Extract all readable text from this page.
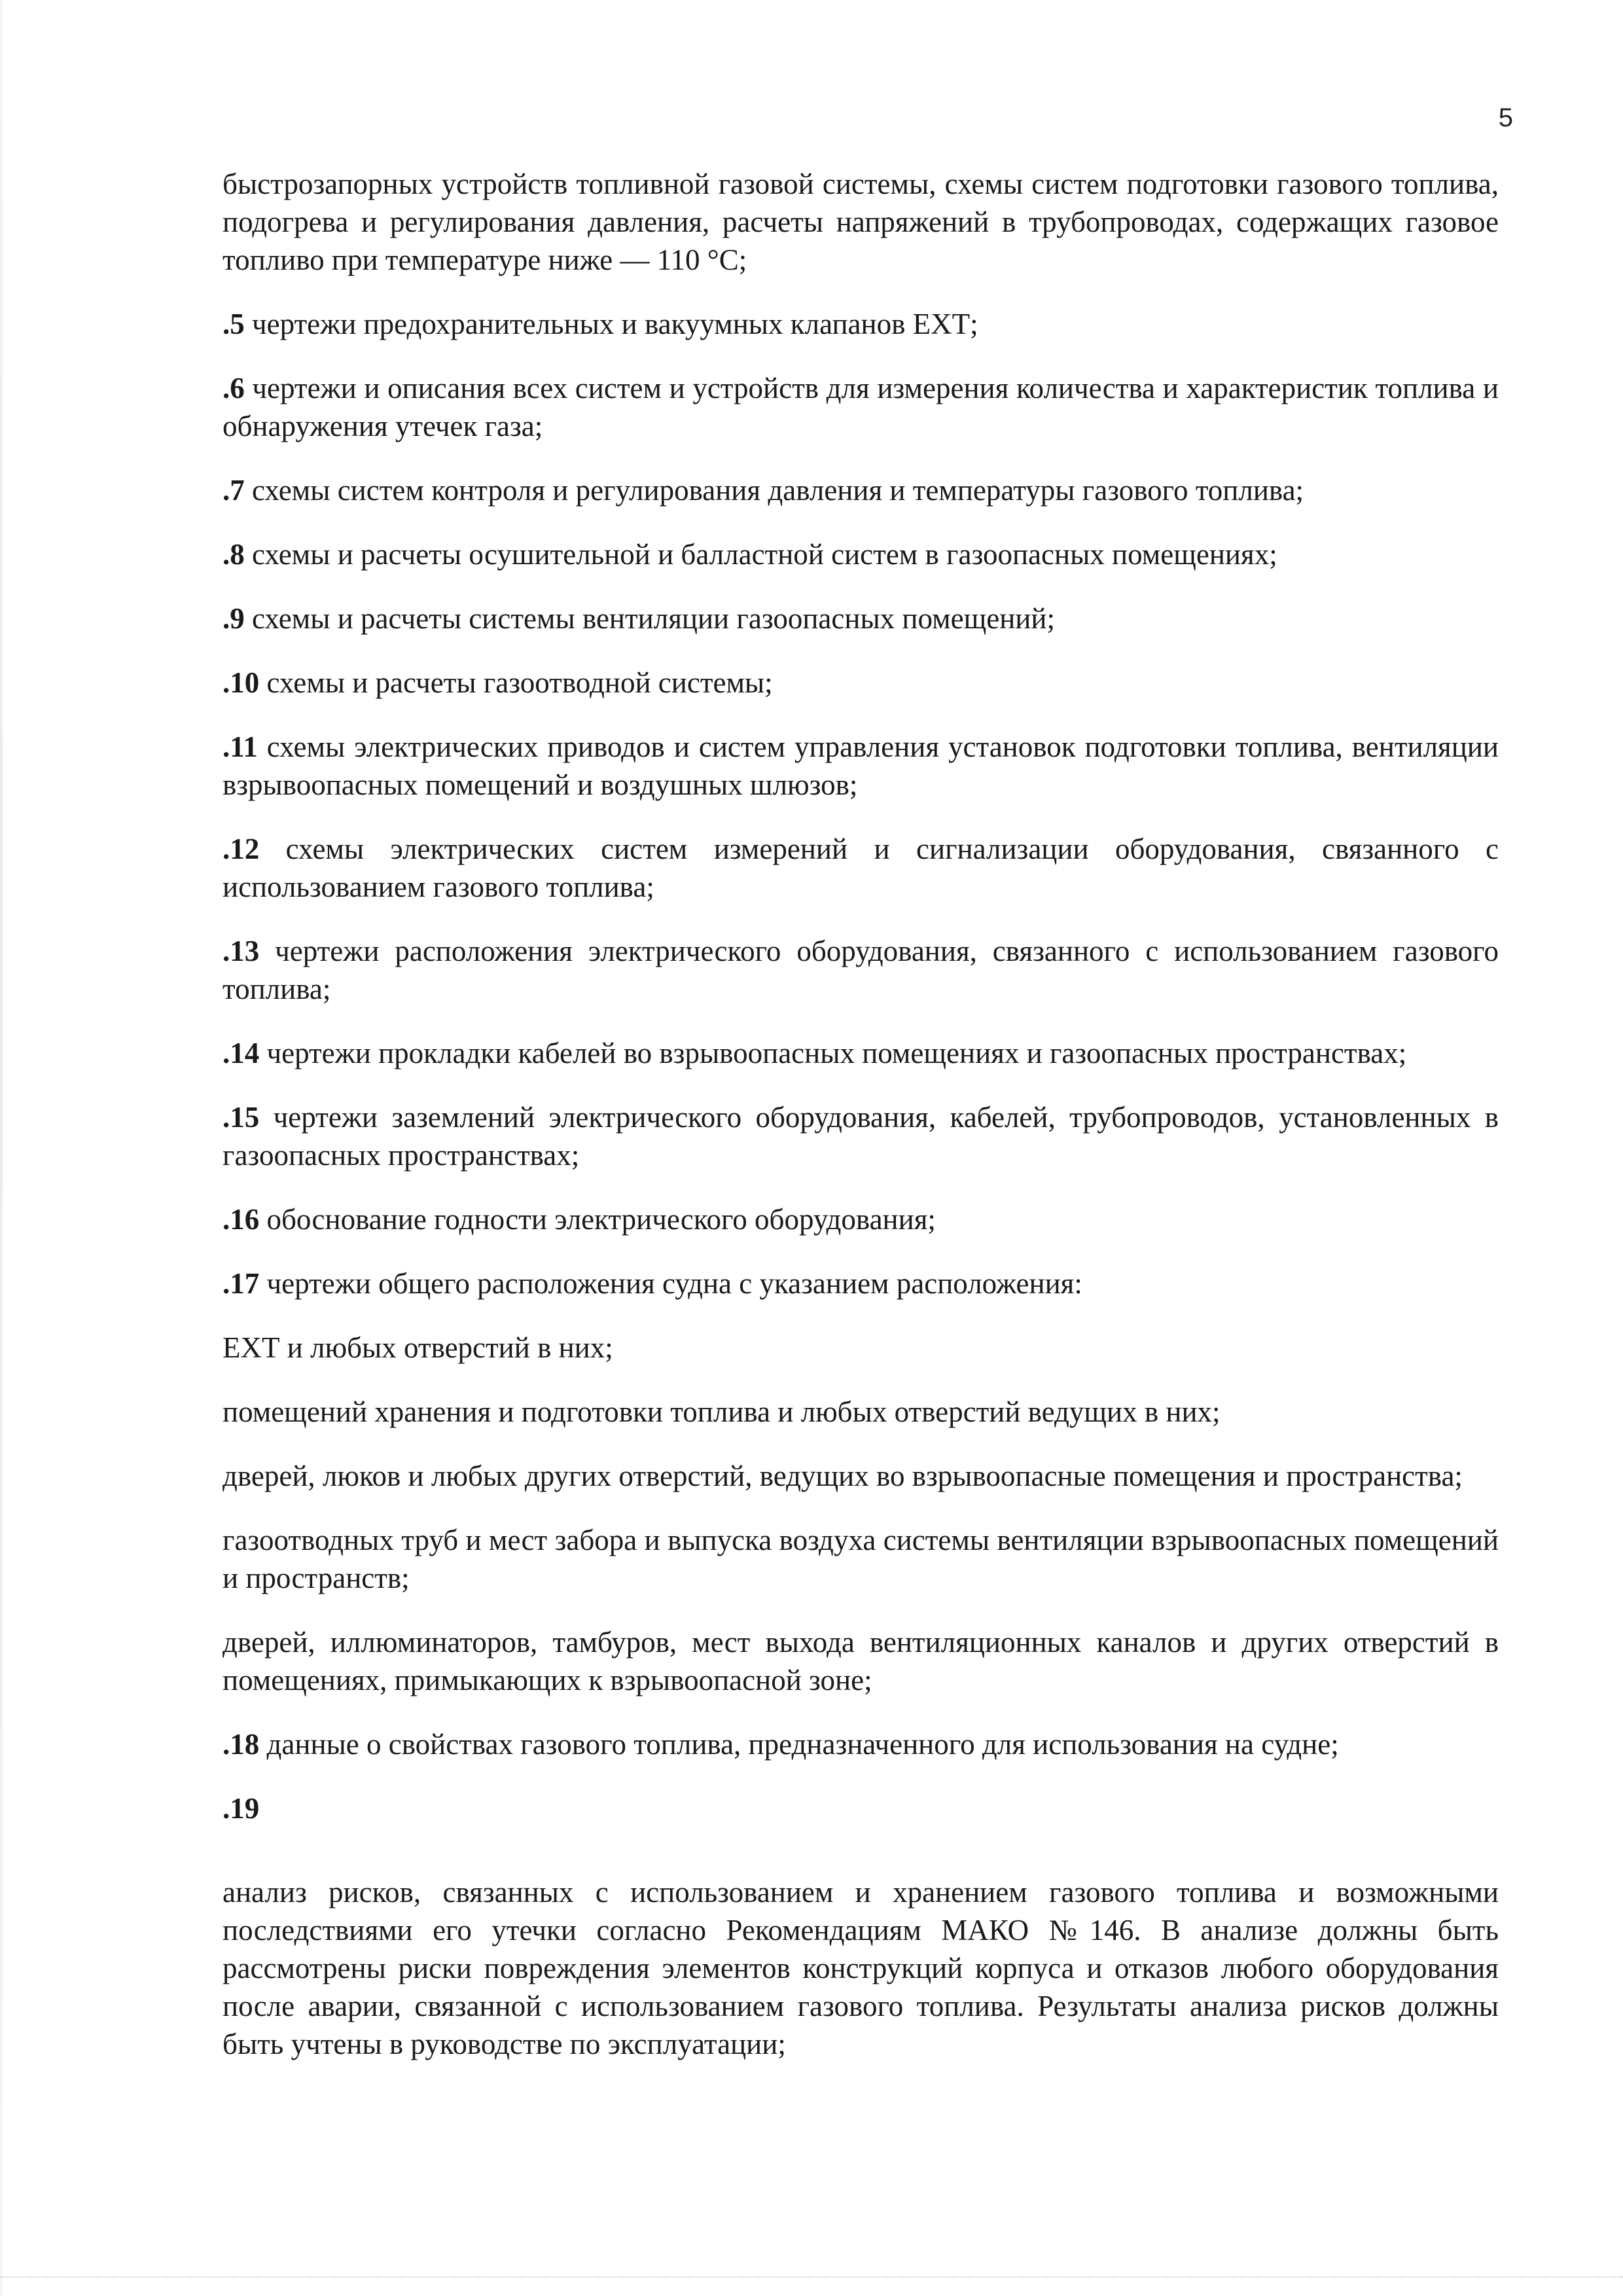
5

быстрозапорных устройств топливной газовой системы, схемы систем подготовки газового топлива, подогрева и регулирования давления, расчеты напряжений в трубопроводах, содержащих газовое топливо при температуре ниже — 110 °С;

.5 чертежи предохранительных и вакуумных клапанов ЕХТ;

.6 чертежи и описания всех систем и устройств для измерения количества и характеристик топлива и обнаружения утечек газа;

.7 схемы систем контроля и регулирования давления и температуры газового топлива;

.8 схемы и расчеты осушительной и балластной систем в газоопасных помещениях;

.9 схемы и расчеты системы вентиляции газоопасных помещений;

.10 схемы и расчеты газоотводной системы;

.11 схемы электрических приводов и систем управления установок подготовки топлива, вентиляции взрывоопасных помещений и воздушных шлюзов;

.12 схемы электрических систем измерений и сигнализации оборудования, связанного с использованием газового топлива;

.13 чертежи расположения электрического оборудования, связанного с использованием газового топлива;

.14 чертежи прокладки кабелей во взрывоопасных помещениях и газоопасных пространствах;

.15 чертежи заземлений электрического оборудования, кабелей, трубопроводов, установленных в газоопасных пространствах;

.16 обоснование годности электрического оборудования;

.17 чертежи общего расположения судна с указанием расположения:

ЕХТ и любых отверстий в них;

помещений хранения и подготовки топлива и любых отверстий ведущих в них;

дверей, люков и любых других отверстий, ведущих во взрывоопасные помещения и пространства;

газоотводных труб и мест забора и выпуска воздуха системы вентиляции взрывоопасных помещений и пространств;

дверей, иллюминаторов, тамбуров, мест выхода вентиляционных каналов и других отверстий в помещениях, примыкающих к взрывоопасной зоне;

.18 данные о свойствах газового топлива, предназначенного для использования на судне;

.19

анализ рисков, связанных с использованием и хранением газового топлива и возможными последствиями его утечки согласно Рекомендациям МАКО №146. В анализе должны быть рассмотрены риски повреждения элементов конструкций корпуса и отказов любого оборудования после аварии, связанной с использованием газового топлива. Результаты анализа рисков должны быть учтены в руководстве по эксплуатации;
